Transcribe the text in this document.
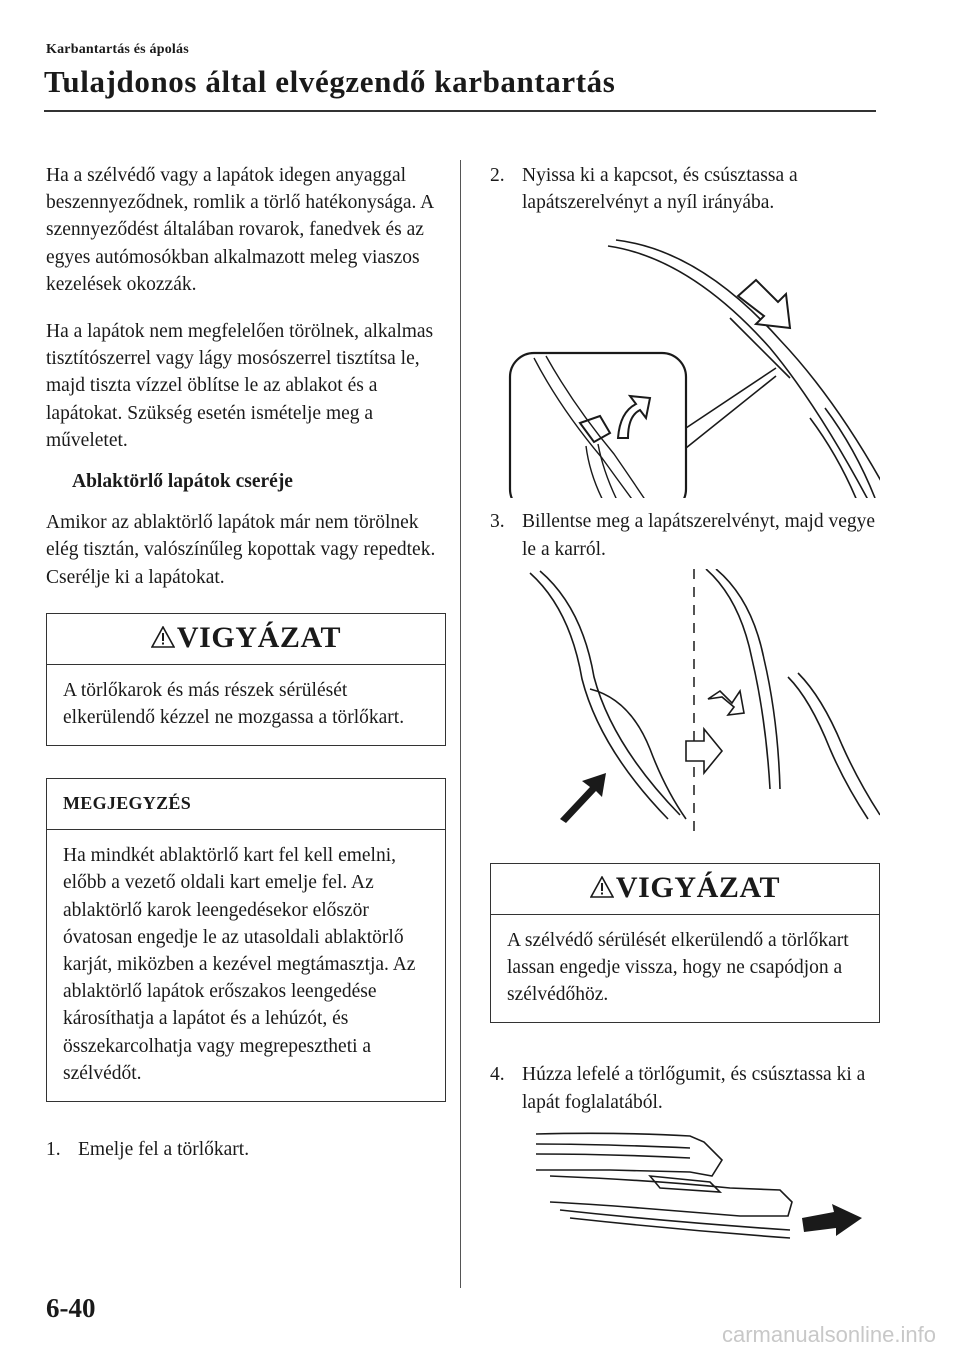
Karbantartás és ápolás
Tulajdonos által elvégzendő karbantartás

Ha a szélvédő vagy a lapátok idegen anyaggal beszennyeződnek, romlik a törlő hatékonysága. A szennyeződést általában rovarok, fanedvek és az egyes autómosókban alkalmazott meleg viaszos kezelések okozzák.

Ha a lapátok nem megfelelően törölnek, alkalmas tisztítószerrel vagy lágy mosószerrel tisztítsa le, majd tiszta vízzel öblítse le az ablakot és a lapátokat. Szükség esetén ismételje meg a műveletet.

Ablaktörlő lapátok cseréje

Amikor az ablaktörlő lapátok már nem törölnek elég tisztán, valószínűleg kopottak vagy repedtek.

Cserélje ki a lapátokat.

VIGYÁZAT
A törlőkarok és más részek sérülését elkerülendő kézzel ne mozgassa a törlőkart.
MEGJEGYZÉS
Ha mindkét ablaktörlő kart fel kell emelni, előbb a vezető oldali kart emelje fel. Az ablaktörlő karok leengedésekor először óvatosan engedje le az utasoldali ablaktörlő karját, miközben a kezével megtámasztja. Az ablaktörlő lapátok erőszakos leengedése károsíthatja a lapátot és a lehúzót, és összekarcolhatja vagy megrepesztheti a szélvédőt.

1. Emelje fel a törlőkart.

2. Nyissa ki a kapcsot, és csúsztassa a lapátszerelvényt a nyíl irányába.

3. Billentse meg a lapátszerelvényt, majd vegye le a karról.

VIGYÁZAT
A szélvédő sérülését elkerülendő a törlőkart lassan engedje vissza, hogy ne csapódjon a szélvédőhöz.

4. Húzza lefelé a törlőgumit, és csúsztassa ki a lapát foglalatából.

6-40
carmanualsonline.info
